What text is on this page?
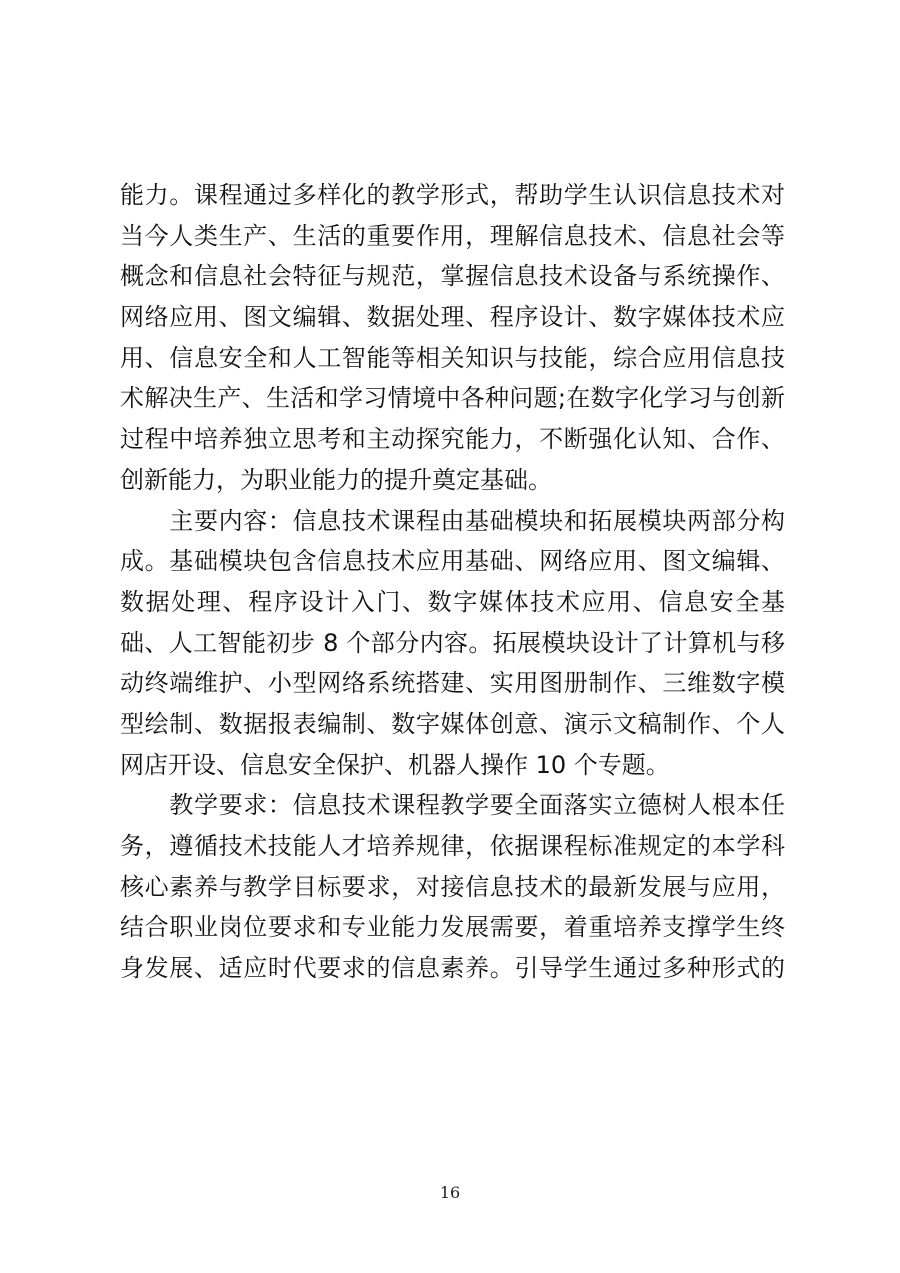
能力。课程通过多样化的教学形式，帮助学生认识信息技术对
当今人类生产、生活的重要作用，理解信息技术、信息社会等
概念和信息社会特征与规范，掌握信息技术设备与系统操作、
网络应用、图文编辑、数据处理、程序设计、数字媒体技术应
用、信息安全和人工智能等相关知识与技能，综合应用信息技
术解决生产、生活和学习情境中各种问题;在数字化学习与创新
过程中培养独立思考和主动探究能力，不断强化认知、合作、
创新能力，为职业能力的提升奠定基础。
　　主要内容：信息技术课程由基础模块和拓展模块两部分构
成。基础模块包含信息技术应用基础、网络应用、图文编辑、
数据处理、程序设计入门、数字媒体技术应用、信息安全基
础、人工智能初步 8 个部分内容。拓展模块设计了计算机与移
动终端维护、小型网络系统搭建、实用图册制作、三维数字模
型绘制、数据报表编制、数字媒体创意、演示文稿制作、个人
网店开设、信息安全保护、机器人操作 10 个专题。
　　教学要求：信息技术课程教学要全面落实立德树人根本任
务，遵循技术技能人才培养规律，依据课程标准规定的本学科
核心素养与教学目标要求，对接信息技术的最新发展与应用，
结合职业岗位要求和专业能力发展需要，着重培养支撑学生终
身发展、适应时代要求的信息素养。引导学生通过多种形式的
16
